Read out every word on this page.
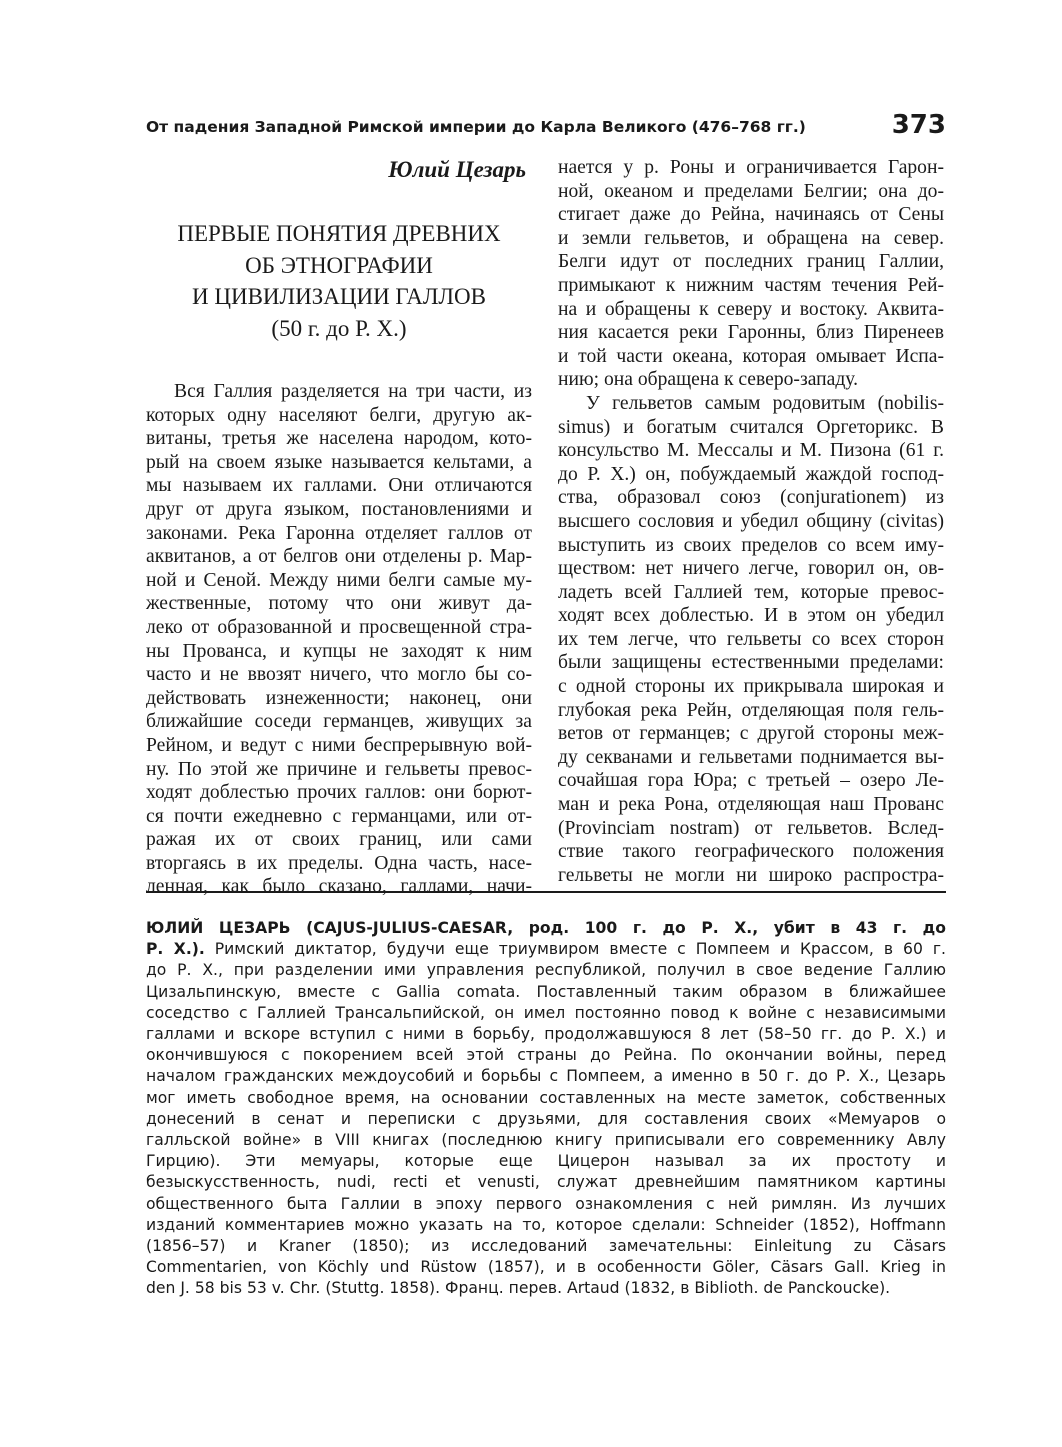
От падения Западной Римской империи до Карла Великого (476–768 гг.)	373
Юлий Цезарь
ПЕРВЫЕ ПОНЯТИЯ ДРЕВНИХ
ОБ ЭТНОГРАФИИ
И ЦИВИЛИЗАЦИИ ГАЛЛОВ
(50 г. до Р. Х.)
Вся Галлия разделяется на три части, из
которых одну населяют белги, другую ак-
витаны, третья же населена народом, кото-
рый на своем языке называется кельтами, а
мы называем их галлами. Они отличаются
друг от друга языком, постановлениями и
законами. Река Гаронна отделяет галлов от
аквитанов, а от белгов они отделены р. Мар-
ной и Сеной. Между ними белги самые му-
жественные, потому что они живут да-
леко от образованной и просвещенной стра-
ны Прованса, и купцы не заходят к ним
часто и не ввозят ничего, что могло бы со-
действовать изнеженности; наконец, они
ближайшие соседи германцев, живущих за
Рейном, и ведут с ними беспрерывную вой-
ну. По этой же причине и гельветы превос-
ходят доблестью прочих галлов: они борют-
ся почти ежедневно с германцами, или от-
ражая их от своих границ, или сами
вторгаясь в их пределы. Одна часть, насе-
ленная, как было сказано, галлами, начи-
нается у р. Роны и ограничивается Гарон-
ной, океаном и пределами Белгии; она до-
стигает даже до Рейна, начинаясь от Сены
и земли гельветов, и обращена на север.
Белги идут от последних границ Галлии,
примыкают к нижним частям течения Рей-
на и обращены к северу и востоку. Аквита-
ния касается реки Гаронны, близ Пиренеев
и той части океана, которая омывает Испа-
нию; она обращена к северо-западу.
У гельветов самым родовитым (nobilis-
simus) и богатым считался Оргеторикс. В
консульство М. Мессалы и М. Пизона (61 г.
до Р. Х.) он, побуждаемый жаждой господ-
ства, образовал союз (conjurationem) из
высшего сословия и убедил общину (civitas)
выступить из своих пределов со всем иму-
ществом: нет ничего легче, говорил он, ов-
ладеть всей Галлией тем, которые превос-
ходят всех доблестью. И в этом он убедил
их тем легче, что гельветы со всех сторон
были защищены естественными пределами:
с одной стороны их прикрывала широкая и
глубокая река Рейн, отделяющая поля гель-
ветов от германцев; с другой стороны меж-
ду секванами и гельветами поднимается вы-
сочайшая гора Юра; с третьей – озеро Ле-
ман и река Рона, отделяющая наш Прованс
(Provinciam nostram) от гельветов. Вслед-
ствие такого географического положения
гельветы не могли ни широко распростра-
ЮЛИЙ ЦЕЗАРЬ (CAJUS-JULIUS-CAESAR, род. 100 г. до Р. Х., убит в 43 г. до
Р. Х.). Римский диктатор, будучи еще триумвиром вместе с Помпеем и Крассом, в 60 г.
до Р. Х., при разделении ими управления республикой, получил в свое ведение Галлию
Цизальпинскую, вместе с Gallia comata. Поставленный таким образом в ближайшее
соседство с Галлией Трансальпийской, он имел постоянно повод к войне с независимыми
галлами и вскоре вступил с ними в борьбу, продолжавшуюся 8 лет (58–50 гг. до Р. Х.) и
окончившуюся с покорением всей этой страны до Рейна. По окончании войны, перед
началом гражданских междоусобий и борьбы с Помпеем, а именно в 50 г. до Р. Х., Цезарь
мог иметь свободное время, на основании составленных на месте заметок, собственных
донесений в сенат и переписки с друзьями, для составления своих «Мемуаров о
галльской войне» в VIII книгах (последнюю книгу приписывали его современнику Авлу
Гирцию). Эти мемуары, которые еще Цицерон называл за их простоту и
безыскусственность, nudi, recti et venusti, служат древнейшим памятником картины
общественного быта Галлии в эпоху первого ознакомления с ней римлян. Из лучших
изданий комментариев можно указать на то, которое сделали: Schneider (1852), Hoffmann
(1856–57) и Kraner (1850); из исследований замечательны: Einleitung zu Cäsars
Commentarien, von Köchly und Rüstow (1857), и в особенности Göler, Cäsars Gall. Krieg in
den J. 58 bis 53 v. Chr. (Stuttg. 1858). Франц. перев. Artaud (1832, в Biblioth. de Panckoucke).
